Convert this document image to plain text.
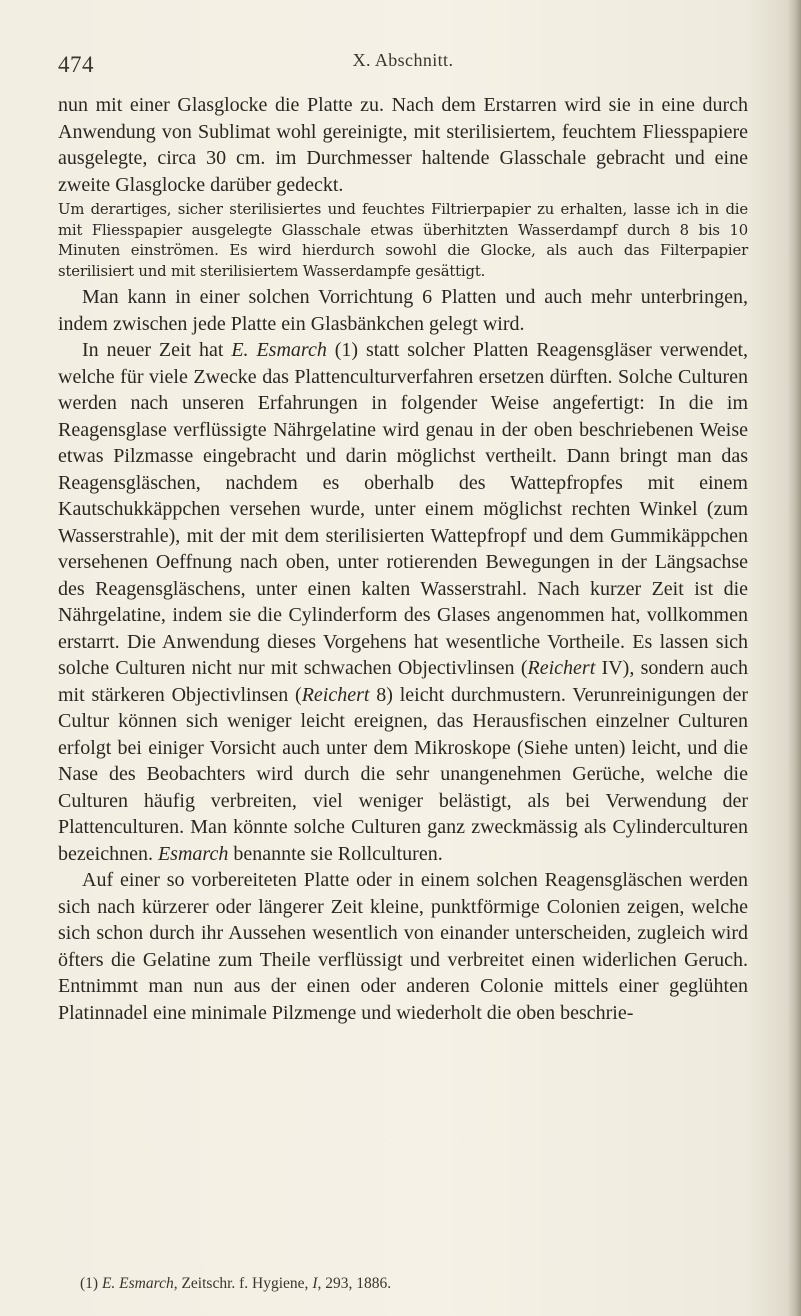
474	X. Abschnitt.

nun mit einer Glasglocke die Platte zu. Nach dem Erstarren wird sie in eine durch Anwendung von Sublimat wohl gereinigte, mit sterilisiertem, feuchtem Fliesspapiere ausgelegte, circa 30 cm. im Durchmesser haltende Glasschale gebracht und eine zweite Glasglocke darüber gedeckt.

Um derartiges, sicher sterilisiertes und feuchtes Filtrierpapier zu erhalten, lasse ich in die mit Fliesspapier ausgelegte Glasschale etwas überhitzten Wasserdampf durch 8 bis 10 Minuten einströmen. Es wird hierdurch sowohl die Glocke, als auch das Filterpapier sterilisiert und mit sterilisiertem Wasserdampfe gesättigt.

Man kann in einer solchen Vorrichtung 6 Platten und auch mehr unterbringen, indem zwischen jede Platte ein Glasbänkchen gelegt wird.

In neuer Zeit hat E. Esmarch (1) statt solcher Platten Reagensgläser verwendet, welche für viele Zwecke das Plattenculturverfahren ersetzen dürften. Solche Culturen werden nach unseren Erfahrungen in folgender Weise angefertigt: In die im Reagensglase verflüssigte Nährgelatine wird genau in der oben beschriebenen Weise etwas Pilzmasse eingebracht und darin möglichst vertheilt. Dann bringt man das Reagensgläschen, nachdem es oberhalb des Wattepfropfes mit einem Kautschukkäppchen versehen wurde, unter einem möglichst rechten Winkel (zum Wasserstrahle), mit der mit dem sterilisierten Wattepfropf und dem Gummikäppchen versehenen Oeffnung nach oben, unter rotierenden Bewegungen in der Längsachse des Reagensgläschens, unter einen kalten Wasserstrahl. Nach kurzer Zeit ist die Nährgelatine, indem sie die Cylinderform des Glases angenommen hat, vollkommen erstarrt. Die Anwendung dieses Vorgehens hat wesentliche Vortheile. Es lassen sich solche Culturen nicht nur mit schwachen Objectivlinsen (Reichert IV), sondern auch mit stärkeren Objectivlinsen (Reichert 8) leicht durchmustern. Verunreinigungen der Cultur können sich weniger leicht ereignen, das Herausfischen einzelner Culturen erfolgt bei einiger Vorsicht auch unter dem Mikroskope (Siehe unten) leicht, und die Nase des Beobachters wird durch die sehr unangenehmen Gerüche, welche die Culturen häufig verbreiten, viel weniger belästigt, als bei Verwendung der Plattenculturen. Man könnte solche Culturen ganz zweckmässig als Cylinderculturen bezeichnen. Esmarch benannte sie Rollculturen.

Auf einer so vorbereiteten Platte oder in einem solchen Reagensgläschen werden sich nach kürzerer oder längerer Zeit kleine, punktförmige Colonien zeigen, welche sich schon durch ihr Aussehen wesentlich von einander unterscheiden, zugleich wird öfters die Gelatine zum Theile verflüssigt und verbreitet einen widerlichen Geruch. Entnimmt man nun aus der einen oder anderen Colonie mittels einer geglühten Platinnadel eine minimale Pilzmenge und wiederholt die oben beschrie-

(1) E. Esmarch, Zeitschr. f. Hygiene, I, 293, 1886.
